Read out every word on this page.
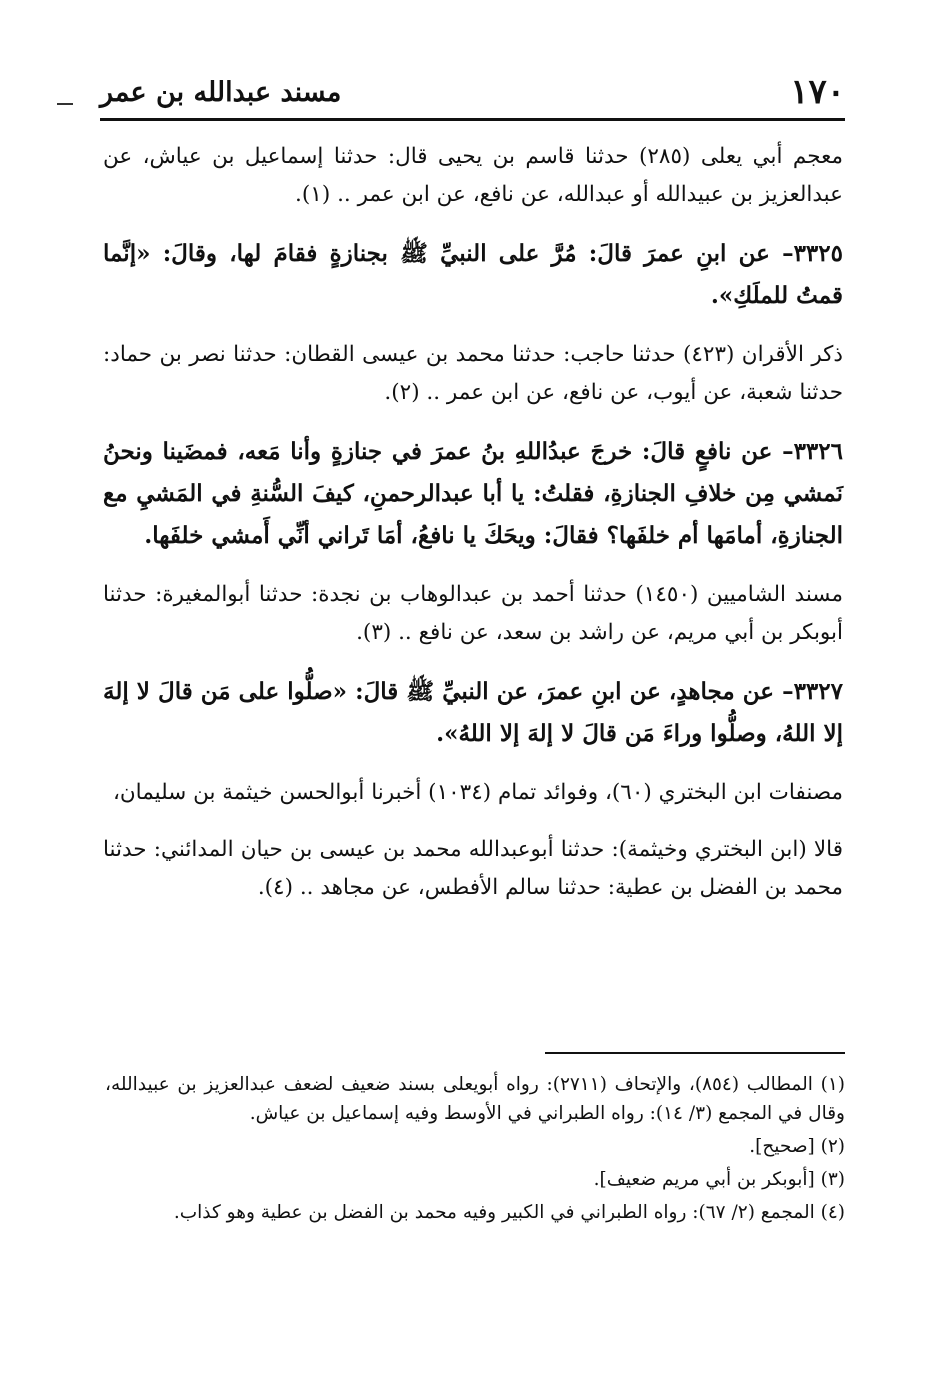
١٧٠
مسند عبدالله بن عمر

معجم أبي يعلى (٢٨٥) حدثنا قاسم بن يحيى قال: حدثنا إسماعيل بن عياش، عن عبدالعزيز بن عبيدالله أو عبدالله، عن نافع، عن ابن عمر .. (١).

٣٣٢٥– عن ابنِ عمرَ قالَ: مُرَّ على النبيِّ ﷺ بجنازةٍ فقامَ لها، وقالَ: «إنَّما قمتُ للملَكِ».

ذكر الأقران (٤٢٣) حدثنا حاجب: حدثنا محمد بن عيسى القطان: حدثنا نصر بن حماد: حدثنا شعبة، عن أيوب، عن نافع، عن ابن عمر .. (٢).

٣٣٢٦– عن نافعٍ قالَ: خرجَ عبدُاللهِ بنُ عمرَ في جنازةٍ وأنا مَعه، فمضَينا ونحنُ نَمشي مِن خلافِ الجنازةِ، فقلتُ: يا أبا عبدالرحمنِ، كيفَ السُّنةِ في المَشيِ مع الجنازةِ، أمامَها أم خلفَها؟ فقالَ: ويحَكَ يا نافعُ، أمَا تَراني أنِّي أَمشي خلفَها.

مسند الشاميين (١٤٥٠) حدثنا أحمد بن عبدالوهاب بن نجدة: حدثنا أبوالمغيرة: حدثنا أبوبكر بن أبي مريم، عن راشد بن سعد، عن نافع .. (٣).

٣٣٢٧– عن مجاهدٍ، عن ابنِ عمرَ، عن النبيِّ ﷺ قالَ: «صلُّوا على مَن قالَ لا إلهَ إلا اللهُ، وصلُّوا وراءَ مَن قالَ لا إلهَ إلا اللهُ».

مصنفات ابن البختري (٦٠)، وفوائد تمام (١٠٣٤) أخبرنا أبوالحسن خيثمة بن سليمان،

قالا (ابن البختري وخيثمة): حدثنا أبوعبدالله محمد بن عيسى بن حيان المدائني: حدثنا محمد بن الفضل بن عطية: حدثنا سالم الأفطس، عن مجاهد .. (٤).

(١) المطالب (٨٥٤)، والإتحاف (٢٧١١): رواه أبويعلى بسند ضعيف لضعف عبدالعزيز بن عبيدالله، وقال في المجمع (٣/ ١٤): رواه الطبراني في الأوسط وفيه إسماعيل بن عياش.

(٢) [صحيح].

(٣) [أبوبكر بن أبي مريم ضعيف].

(٤) المجمع (٢/ ٦٧): رواه الطبراني في الكبير وفيه محمد بن الفضل بن عطية وهو كذاب.
